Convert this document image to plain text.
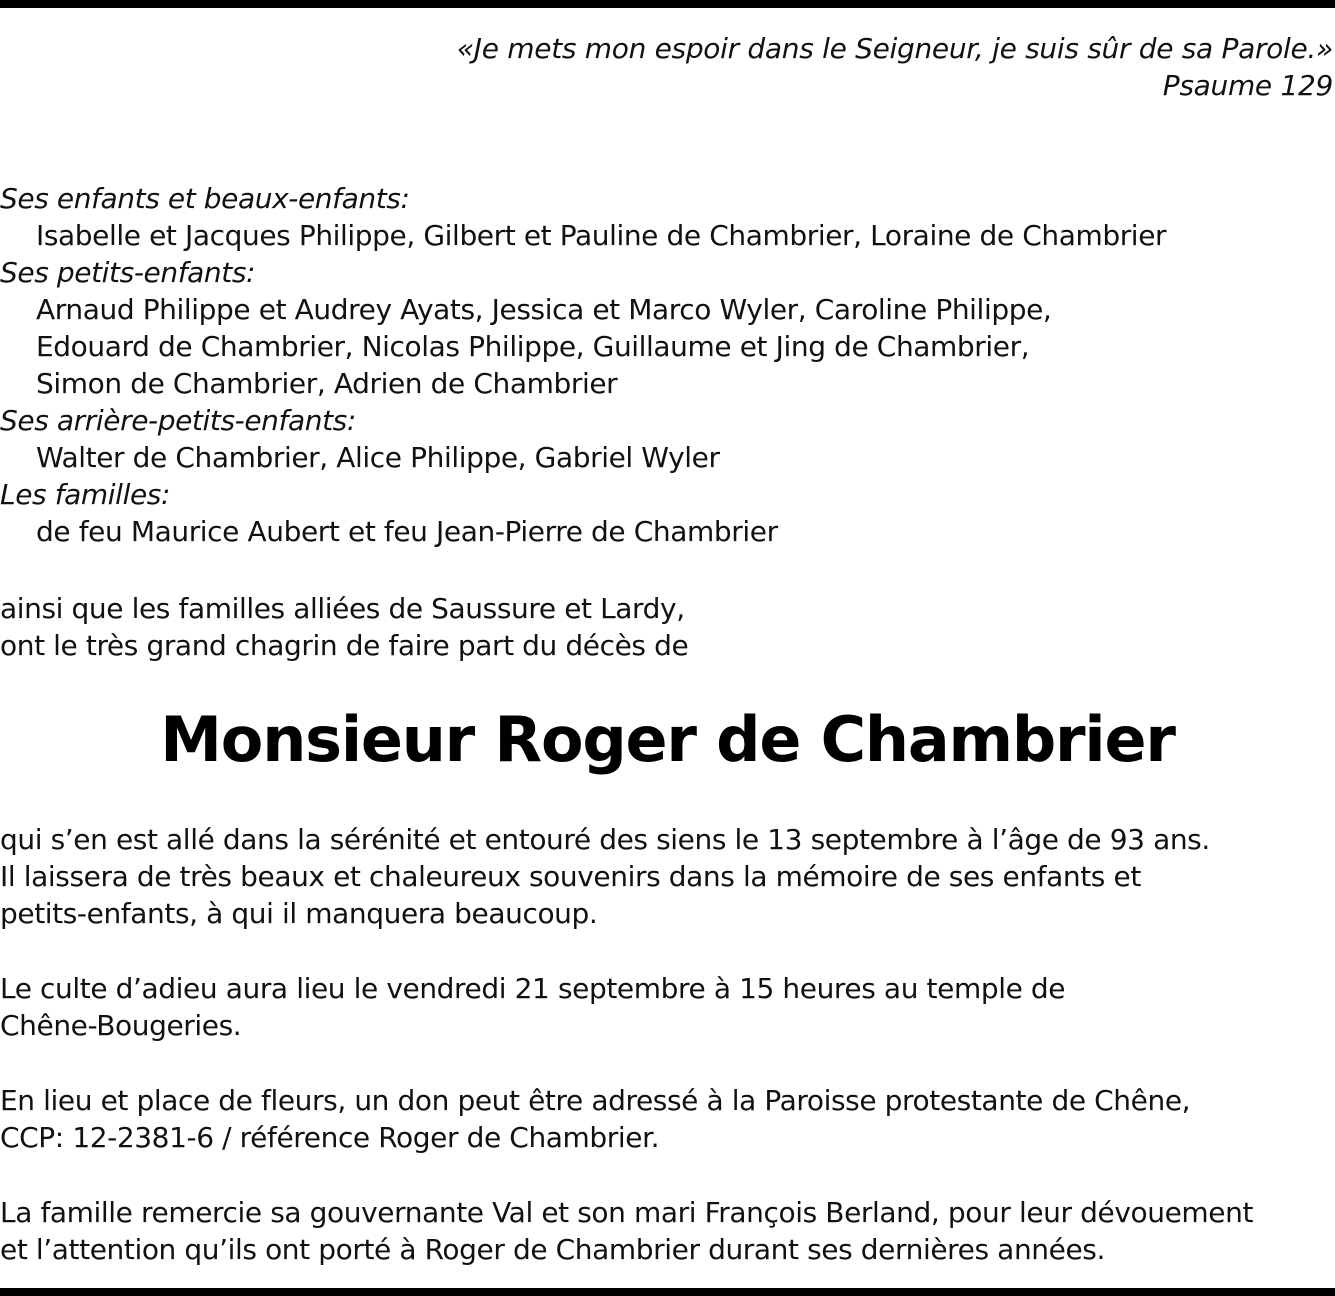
«Je mets mon espoir dans le Seigneur, je suis sûr de sa Parole.»
Psaume 129
Ses enfants et beaux-enfants:
Isabelle et Jacques Philippe, Gilbert et Pauline de Chambrier, Loraine de Chambrier
Ses petits-enfants:
Arnaud Philippe et Audrey Ayats, Jessica et Marco Wyler, Caroline Philippe,
Edouard de Chambrier, Nicolas Philippe, Guillaume et Jing de Chambrier,
Simon de Chambrier, Adrien de Chambrier
Ses arrière-petits-enfants:
Walter de Chambrier, Alice Philippe, Gabriel Wyler
Les familles:
de feu Maurice Aubert et feu Jean-Pierre de Chambrier
ainsi que les familles alliées de Saussure et Lardy,
ont le très grand chagrin de faire part du décès de
Monsieur Roger de Chambrier
qui s’en est allé dans la sérénité et entouré des siens le 13 septembre à l’âge de 93 ans.
Il laissera de très beaux et chaleureux souvenirs dans la mémoire de ses enfants et
petits-enfants, à qui il manquera beaucoup.
Le culte d’adieu aura lieu le vendredi 21 septembre à 15 heures au temple de
Chêne-Bougeries.
En lieu et place de fleurs, un don peut être adressé à la Paroisse protestante de Chêne,
CCP: 12-2381-6 / référence Roger de Chambrier.
La famille remercie sa gouvernante Val et son mari François Berland, pour leur dévouement
et l’attention qu’ils ont porté à Roger de Chambrier durant ses dernières années.
